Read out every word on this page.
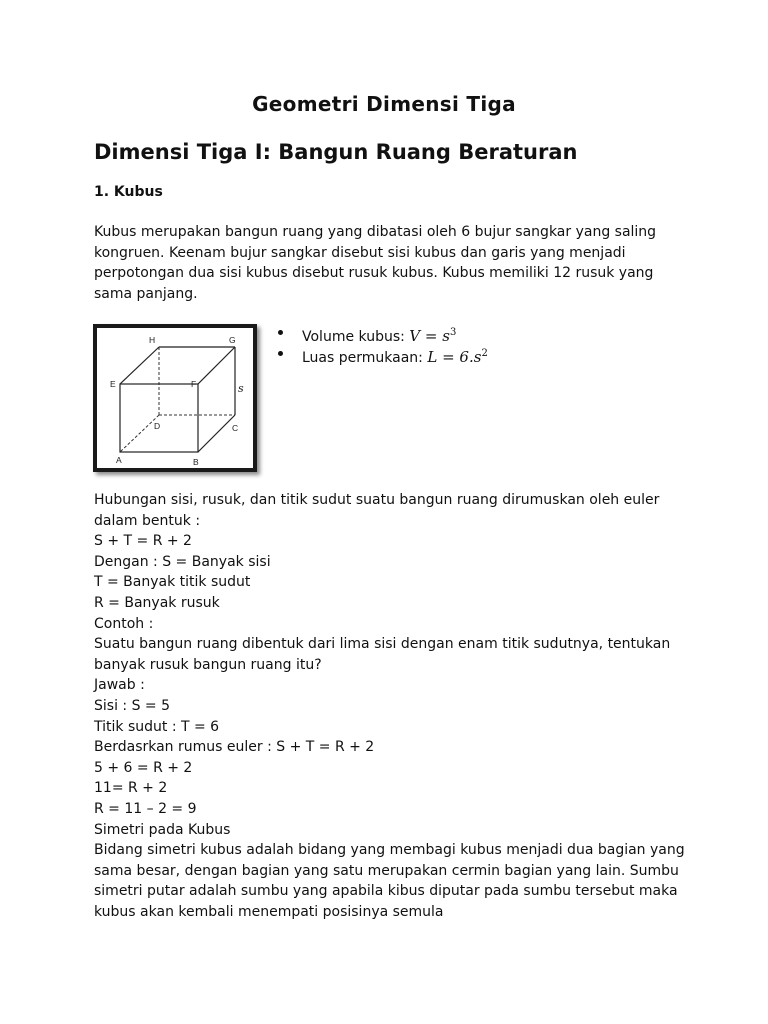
Geometri Dimensi Tiga
Dimensi Tiga I: Bangun Ruang Beraturan
1. Kubus
Kubus merupakan bangun ruang yang dibatasi oleh 6 bujur sangkar yang saling
kongruen. Keenam bujur sangkar disebut sisi kubus dan garis yang menjadi
perpotongan dua sisi kubus disebut rusuk kubus. Kubus memiliki 12 rusuk yang
sama panjang.
H	G
E	F
D	C
A	B
s
Volume kubus: $V = s^3$
Luas permukaan: $L = 6.s^2$
Hubungan sisi, rusuk, dan titik sudut suatu bangun ruang dirumuskan oleh euler
dalam bentuk :
S + T = R + 2
Dengan : S = Banyak sisi
T = Banyak titik sudut
R = Banyak rusuk
Contoh :
Suatu bangun ruang dibentuk dari lima sisi dengan enam titik sudutnya, tentukan
banyak rusuk bangun ruang itu?
Jawab :
Sisi : S = 5
Titik sudut : T = 6
Berdasrkan rumus euler : S + T = R + 2
5 + 6 = R + 2
11= R + 2
R = 11 – 2 = 9
Simetri pada Kubus
Bidang simetri kubus adalah bidang yang membagi kubus menjadi dua bagian yang
sama besar, dengan bagian yang satu merupakan cermin bagian yang lain. Sumbu
simetri putar adalah sumbu yang apabila kibus diputar pada sumbu tersebut maka
kubus akan kembali menempati posisinya semula
